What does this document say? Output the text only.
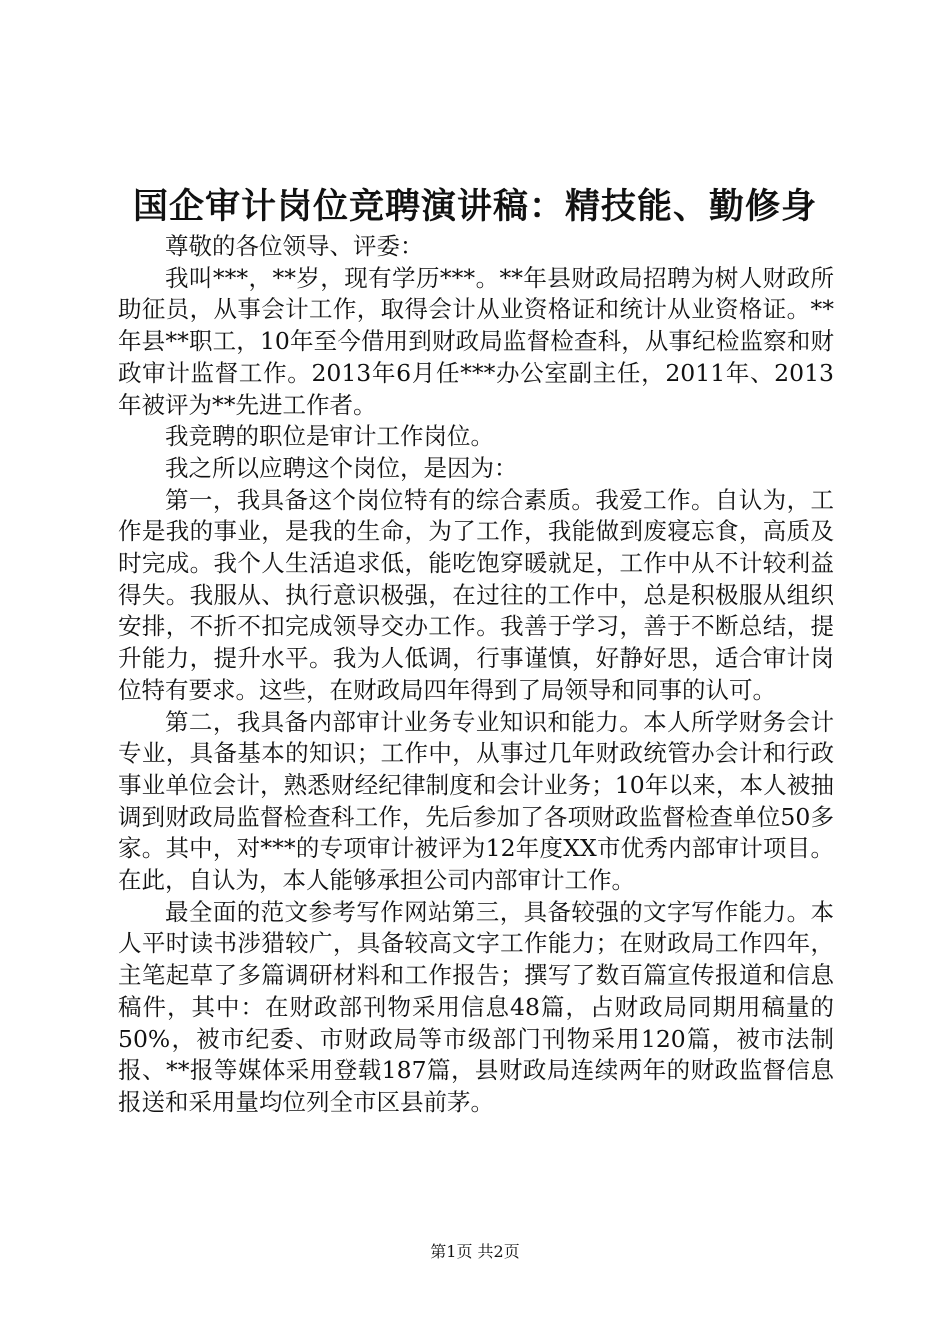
国企审计岗位竞聘演讲稿：精技能、勤修身

尊敬的各位领导、评委：

我叫***，**岁，现有学历***。**年县财政局招聘为树人财政所助征员，从事会计工作，取得会计从业资格证和统计从业资格证。**年县**职工，10年至今借用到财政局监督检查科，从事纪检监察和财政审计监督工作。2013年6月任***办公室副主任，2011年、2013年被评为**先进工作者。

我竞聘的职位是审计工作岗位。

我之所以应聘这个岗位，是因为：

第一，我具备这个岗位特有的综合素质。我爱工作。自认为，工作是我的事业，是我的生命，为了工作，我能做到废寝忘食，高质及时完成。我个人生活追求低，能吃饱穿暖就足，工作中从不计较利益得失。我服从、执行意识极强，在过往的工作中，总是积极服从组织安排，不折不扣完成领导交办工作。我善于学习，善于不断总结，提升能力，提升水平。我为人低调，行事谨慎，好静好思，适合审计岗位特有要求。这些，在财政局四年得到了局领导和同事的认可。

第二，我具备内部审计业务专业知识和能力。本人所学财务会计专业，具备基本的知识；工作中，从事过几年财政统管办会计和行政事业单位会计，熟悉财经纪律制度和会计业务；10年以来，本人被抽调到财政局监督检查科工作，先后参加了各项财政监督检查单位50多家。其中，对***的专项审计被评为12年度XX市优秀内部审计项目。在此，自认为，本人能够承担公司内部审计工作。

最全面的范文参考写作网站第三，具备较强的文字写作能力。本人平时读书涉猎较广，具备较高文字工作能力；在财政局工作四年，主笔起草了多篇调研材料和工作报告；撰写了数百篇宣传报道和信息稿件，其中：在财政部刊物采用信息48篇，占财政局同期用稿量的50%，被市纪委、市财政局等市级部门刊物采用120篇，被市法制报、**报等媒体采用登载187篇，县财政局连续两年的财政监督信息报送和采用量均位列全市区县前茅。

第1页 共2页
